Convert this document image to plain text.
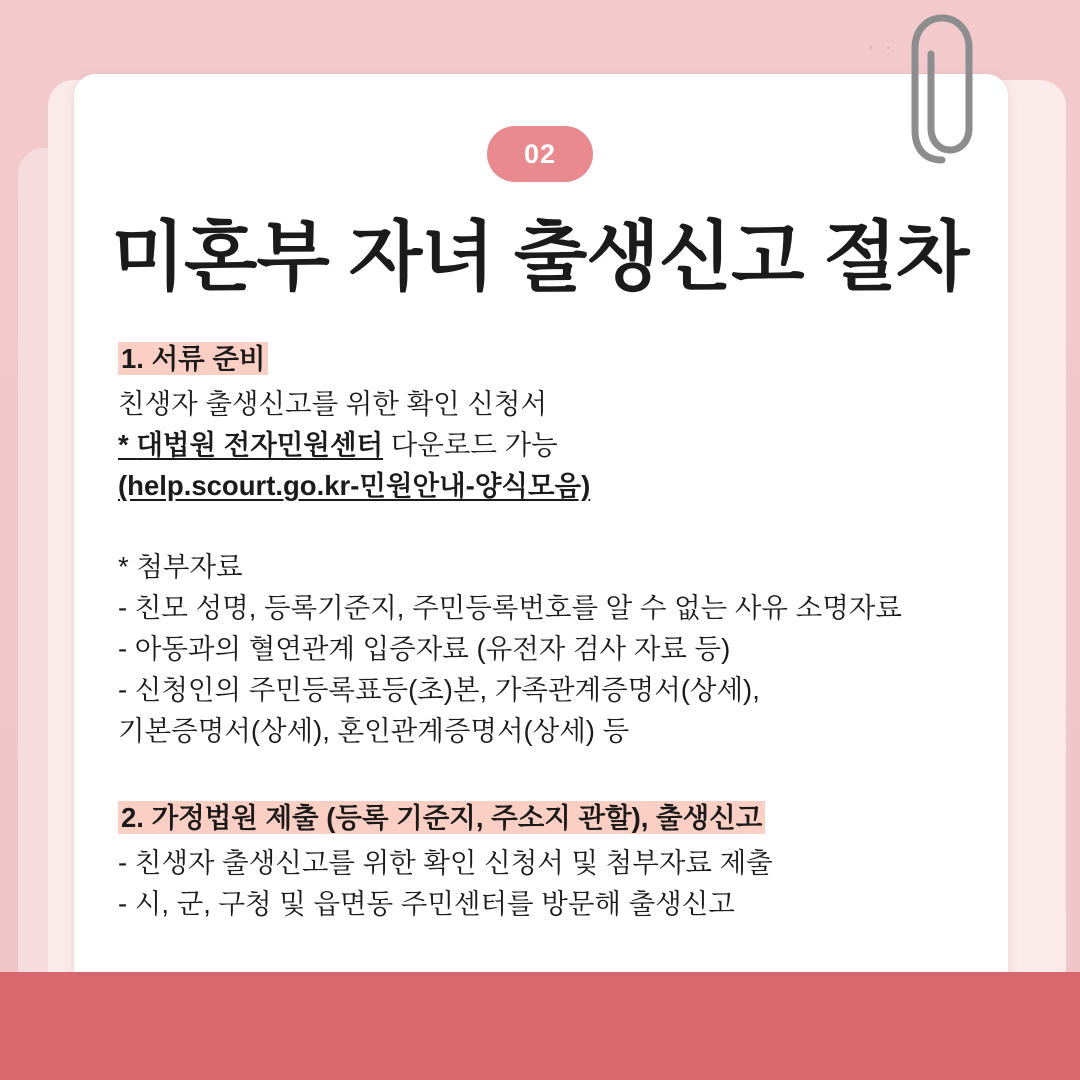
· ·
02
미혼부 자녀 출생신고 절차
1. 서류 준비
친생자 출생신고를 위한 확인 신청서
* 대법원 전자민원센터 다운로드 가능
(help.scourt.go.kr-민원안내-양식모음)
* 첨부자료
- 친모 성명, 등록기준지, 주민등록번호를 알 수 없는 사유 소명자료
- 아동과의 혈연관계 입증자료 (유전자 검사 자료 등)
- 신청인의 주민등록표등(초)본, 가족관계증명서(상세),
기본증명서(상세), 혼인관계증명서(상세) 등
2. 가정법원 제출 (등록 기준지, 주소지 관할), 출생신고
- 친생자 출생신고를 위한 확인 신청서 및 첨부자료 제출
- 시, 군, 구청 및 읍면동 주민센터를 방문해 출생신고
